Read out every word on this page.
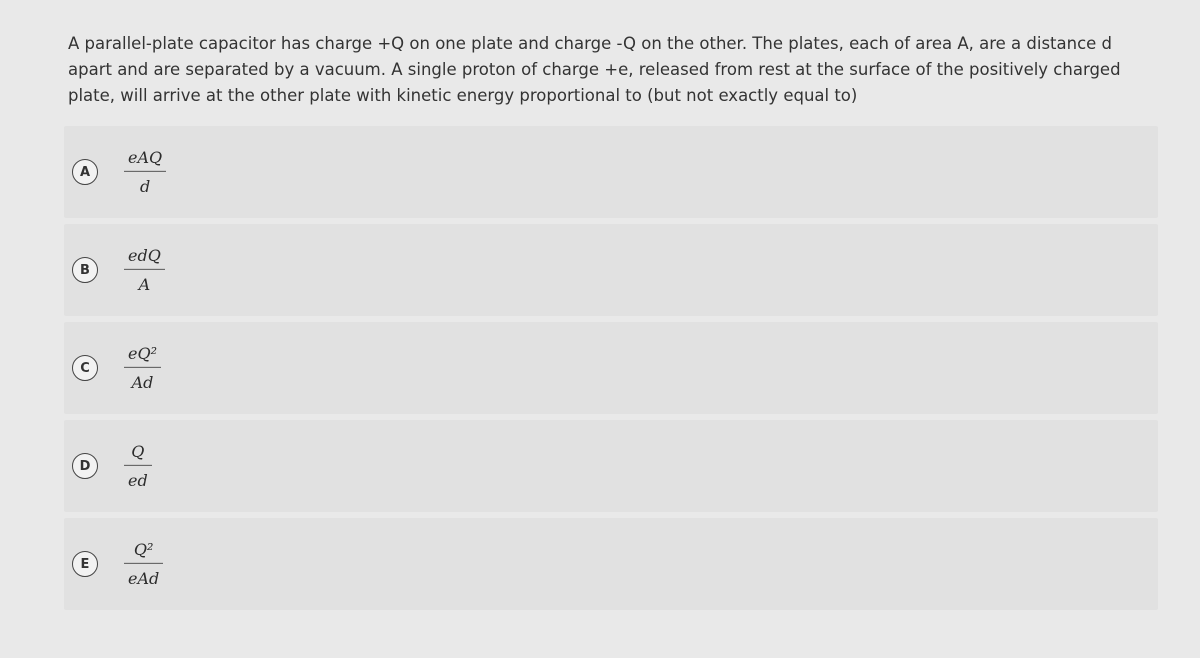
A parallel-plate capacitor has charge +Q on one plate and charge -Q on the other. The plates, each of area A, are a distance d apart and are separated by a vacuum. A single proton of charge +e, released from rest at the surface of the positively charged plate, will arrive at the other plate with kinetic energy proportional to (but not exactly equal to)
A
eAQ
d
B
edQ
A
C
eQ²
Ad
D
Q
ed
E
Q²
eAd
